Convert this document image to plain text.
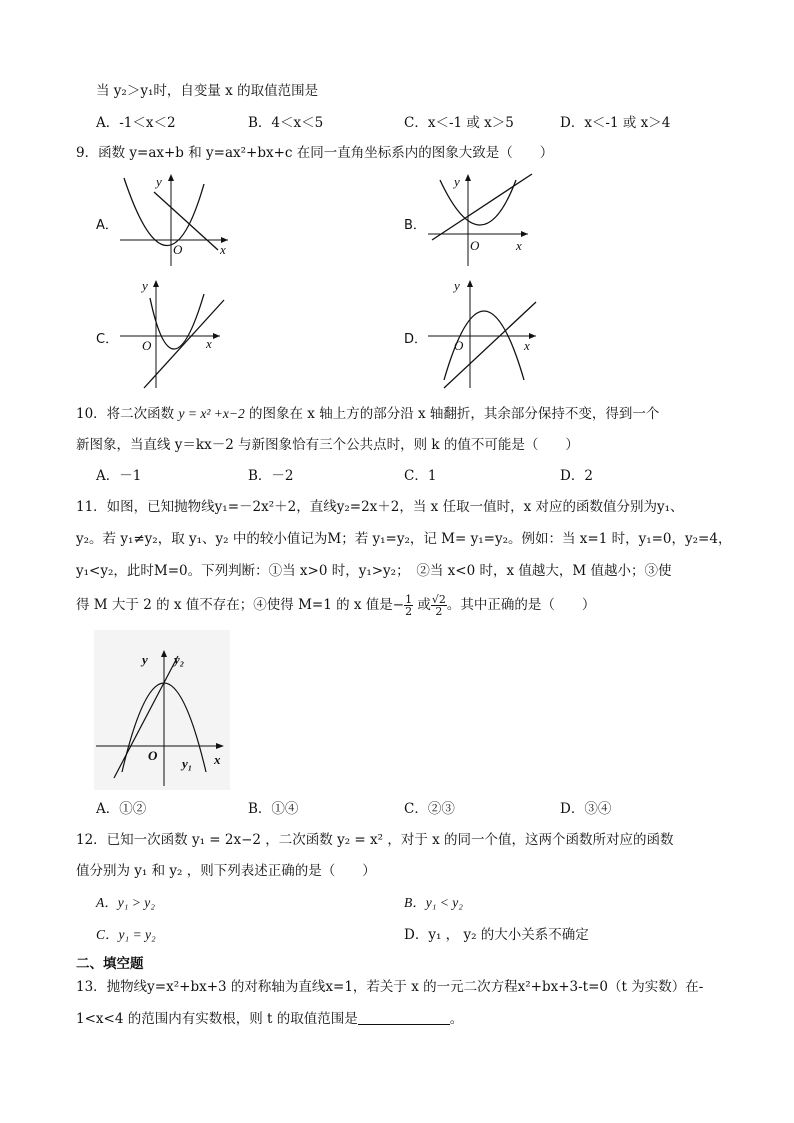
当 y₂＞y₁时，自变量 x 的取值范围是
A．-1＜x＜2	B．4＜x＜5	C．x＜-1 或 x＞5	D．x＜-1 或 x＞4
9．函数 y=ax+b 和 y=ax²+bx+c 在同一直角坐标系内的图象大致是（　　）
A．
y
x
O
B．
y
x
O
C．
y
x
O	D．
y
x
O
10．将二次函数 y = x² +x−2 的图象在 x 轴上方的部分沿 x 轴翻折，其余部分保持不变，得到一个
新图象，当直线 y＝kx－2 与新图象恰有三个公共点时，则 k 的值不可能是（　　）
A．－1	B．－2	C．1	D．2
11．如图，已知抛物线y₁=－2x²＋2，直线y₂=2x＋2，当 x 任取一值时，x 对应的函数值分别为y₁、
y₂。若 y₁≠y₂，取 y₁、y₂ 中的较小值记为M；若 y₁=y₂，记 M= y₁=y₂。例如：当 x=1 时，y₁=0，y₂=4，
y₁<y₂，此时M=0。下列判断：①当 x>0 时，y₁>y₂；　②当 x<0 时，x 值越大，M 值越小；③使
得 M 大于 2 的 x 值不存在；④使得 M=1 的 x 值是− $\frac{1}{2}$ 或 $\frac{√2}{2}$ 。其中正确的是（　　）
y y₂
O
y₁ x
A．①②	B．①④	C．②③	D．③④
12．已知一次函数 y₁ = 2x−2 ，二次函数 y₂ = x² ，对于 x 的同一个值，这两个函数所对应的函数
值分别为 y₁ 和 y₂ ，则下列表述正确的是（　　）
A．y₁ > y₂	B．y₁ < y₂
C．y₁ = y₂	D．y₁ ， y₂ 的大小关系不确定
二、填空题
13．抛物线y=x²+bx+3 的对称轴为直线x=1，若关于 x 的一元二次方程x²+bx+3-t=0（t 为实数）在-
1<x<4 的范围内有实数根，则 t 的取值范围是	。
